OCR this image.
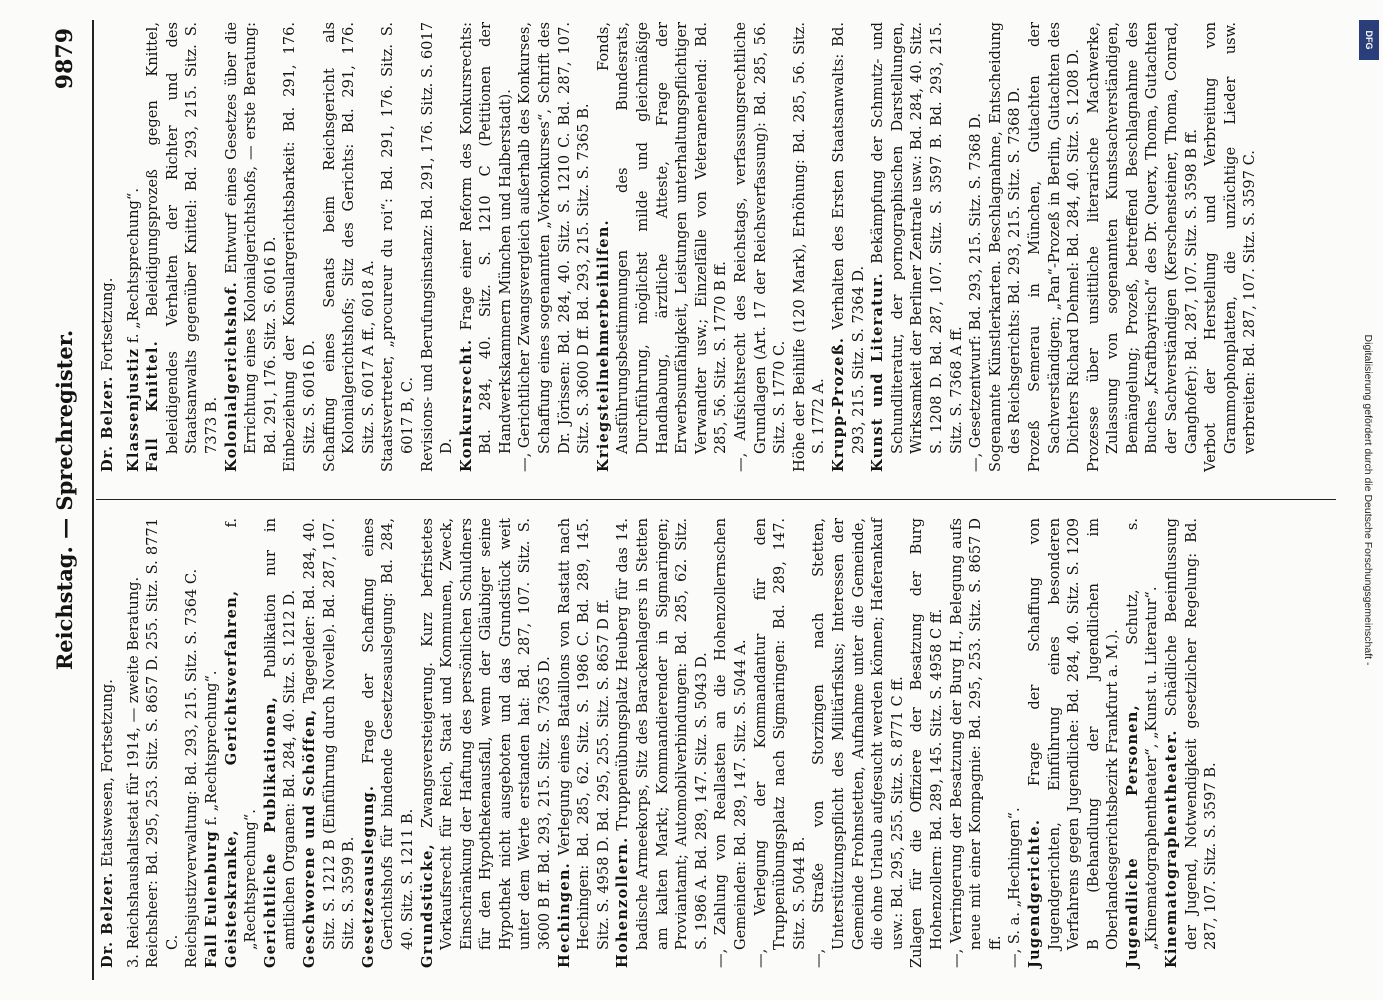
Reichstag. — Sprechregister.
9879

Dr. Belzer. Etatswesen, Fortsetzung. 3. Reichshaushaltsetat für 1914, — zweite Beratung. Reichsheer: Bd. 295, 253. Sitz. S. 8657 D. 255. Sitz. S. 8771 C. Reichsjustizverwaltung: Bd. 293, 215. Sitz. S. 7364 C. Fall Eulenburg f. „Rechtsprechung“. Geisteskranke, Gerichtsverfahren, f. „Rechtsprechung“. Gerichtliche Publikationen, Publikation nur in amtlichen Organen: Bd. 284, 40. Sitz. S. 1212 D. Geschworene und Schöffen, Tagegelder: Bd. 284, 40. Sitz. S. 1212 B (Einführung durch Novelle). Bd. 287, 107. Sitz. S. 3599 B. Gesetzesauslegung. Frage der Schaffung eines Gerichtshofs für bindende Gesetzesauslegung: Bd. 284, 40. Sitz. S. 1211 B. Grundstücke, Zwangsversteigerung. Kurz befristetes Vorkaufsrecht für Reich, Staat und Kommunen, Zweck, Einschränkung der Haftung des persönlichen Schuldners für den Hypothekenausfall, wenn der Gläubiger seine Hypothek nicht ausgeboten und das Grundstück weit unter dem Werte erstanden hat: Bd. 287, 107. Sitz. S. 3600 B ff. Bd. 293, 215. Sitz. S. 7365 D. Hechingen. Verlegung eines Bataillons von Rastatt nach Hechingen: Bd. 285, 62. Sitz. S. 1986 C. Bd. 289, 145. Sitz. S. 4958 D. Bd. 295, 255. Sitz. S. 8657 D ff. Hohenzollern. Truppenübungsplatz Heuberg für das 14. badische Armeekorps, Sitz des Barackenlagers in Stetten am kalten Markt; Kommandierender in Sigmaringen; Proviantamt; Automobilverbindungen: Bd. 285, 62. Sitz. S. 1986 A. Bd. 289, 147. Sitz. S. 5043 D. —, Zahlung von Reallasten an die Hohenzollernschen Gemeinden: Bd. 289, 147. Sitz. S. 5044 A. —, Verlegung der Kommandantur für den Truppenübungsplatz nach Sigmaringen: Bd. 289, 147. Sitz. S. 5044 B. —, Straße von Storzingen nach Stetten, Unterstützungspflicht des Militärfiskus; Interessen der Gemeinde Frohnstetten, Aufnahme unter die Gemeinde, die ohne Urlaub aufgesucht werden können; Haferankauf usw.: Bd. 295, 255. Sitz. S. 8771 C ff. Zulagen für die Offiziere der Besatzung der Burg Hohenzollern: Bd. 289, 145. Sitz. S. 4958 C ff. —, Verringerung der Besatzung der Burg H., Belegung aufs neue mit einer Kompagnie: Bd. 295, 253. Sitz. S. 8657 D ff. —, S. a. „Hechingen“. Jugendgerichte. Frage der Schaffung von Jugendgerichten, Einführung eines besonderen Verfahrens gegen Jugendliche: Bd. 284, 40. Sitz. S. 1209 B (Behandlung der Jugendlichen im Oberlandesgerichtsbezirk Frankfurt a. M.). Jugendliche Personen, Schutz, s. „Kinematographentheater“, „Kunst u. Literatur“. Kinematographentheater. Schädliche Beeinflussung der Jugend, Notwendigkeit gesetzlicher Regelung: Bd. 287, 107. Sitz. S. 3597 B.

Dr. Belzer. Fortsetzung.

Klassenjustiz f. „Rechtsprechung“.

Fall Knittel. Beleidigungsprozeß gegen Knittel, beleidigendes Verhalten der Richter und des Staatsanwalts gegenüber Knittel: Bd. 293, 215. Sitz. S. 7373 B. Kolonialgerichtshof. Entwurf eines Gesetzes über die Errichtung eines Kolonialgerichtshofs, — erste Beratung: Bd. 291, 176. Sitz. S. 6016 D. Einbeziehung der Konsulargerichtsbarkeit: Bd. 291, 176. Sitz. S. 6016 D. Schaffung eines Senats beim Reichsgericht als Kolonialgerichtshofs; Sitz des Gerichts: Bd. 291, 176. Sitz. S. 6017 A ff., 6018 A. Staatsvertreter, „procureur du roi“: Bd. 291, 176. Sitz. S. 6017 B, C. Revisions- und Berufungsinstanz: Bd. 291, 176. Sitz. S. 6017 D. Konkursrecht. Frage einer Reform des Konkursrechts: Bd. 284, 40. Sitz. S. 1210 C (Petitionen der Handwerkskammern München und Halberstadt). —, Gerichtlicher Zwangsvergleich außerhalb des Konkurses, Schaffung eines sogenannten „Vorkonkurses“, Schrift des Dr. Jörissen: Bd. 284, 40. Sitz. S. 1210 C. Bd. 287, 107. Sitz. S. 3600 D ff. Bd. 293, 215. Sitz. S. 7365 B. Kriegsteilnehmerbeihilfen. Fonds, Ausführungsbestimmungen des Bundesrats, Durchführung, möglichst milde und gleichmäßige Handhabung, ärztliche Atteste, Frage der Erwerbsunfähigkeit, Leistungen unterhaltungspflichtiger Verwandter usw.; Einzelfälle von Veteranenelend: Bd. 285, 56. Sitz. S. 1770 B ff. —, Aufsichtsrecht des Reichstags, verfassungsrechtliche Grundlagen (Art. 17 der Reichsverfassung): Bd. 285, 56. Sitz. S. 1770 C. Höhe der Beihilfe (120 Mark), Erhöhung: Bd. 285, 56. Sitz. S. 1772 A. Krupp-Prozeß. Verhalten des Ersten Staatsanwalts: Bd. 293, 215. Sitz. S. 7364 D. Kunst und Literatur. Bekämpfung der Schmutz- und Schundliteratur, der pornographischen Darstellungen, Wirksamkeit der Berliner Zentrale usw.: Bd. 284, 40. Sitz. S. 1208 D. Bd. 287, 107. Sitz. S. 3597 B. Bd. 293, 215. Sitz. S. 7368 A ff. —, Gesetzentwurf: Bd. 293, 215. Sitz. S. 7368 D. Sogenannte Künstlerkarten. Beschlagnahme, Entscheidung des Reichsgerichts: Bd. 293, 215. Sitz. S. 7368 D. Prozeß Semerau in München, Gutachten der Sachverständigen; „Pan“-Prozeß in Berlin, Gutachten des Dichters Richard Dehmel: Bd. 284, 40. Sitz. S. 1208 D. Prozesse über unsittliche literarische Machwerke, Zulassung von sogenannten Kunstsachverständigen, Bemängelung; Prozeß, betreffend Beschlagnahme des Buches „Kraftbayrisch“ des Dr. Querx, Thoma, Gutachten der Sachverständigen (Kerschensteiner, Thoma, Conrad, Ganghofer): Bd. 287, 107. Sitz. S. 3598 B ff. Verbot der Herstellung und Verbreitung von Grammophonplatten, die unzüchtige Lieder usw. verbreiten: Bd. 287, 107. Sitz. S. 3597 C.

DFG
Digitalisierung gefördert durch die Deutsche Forschungsgemeinschaft -
